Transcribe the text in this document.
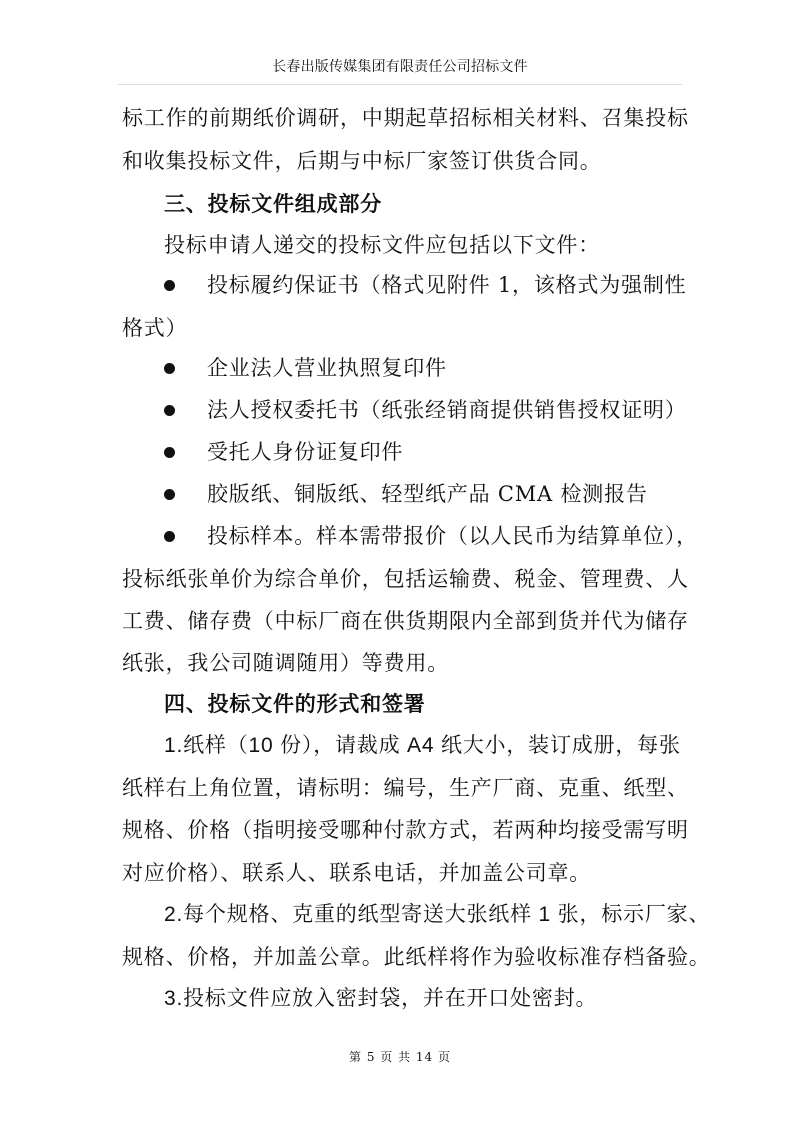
长春出版传媒集团有限责任公司招标文件
标工作的前期纸价调研，中期起草招标相关材料、召集投标
和收集投标文件，后期与中标厂家签订供货合同。
三、投标文件组成部分
投标申请人递交的投标文件应包括以下文件：
投标履约保证书（格式见附件 1，该格式为强制性
格式）
企业法人营业执照复印件
法人授权委托书（纸张经销商提供销售授权证明）
受托人身份证复印件
胶版纸、铜版纸、轻型纸产品 CMA 检测报告
投标样本。样本需带报价（以人民币为结算单位），
投标纸张单价为综合单价，包括运输费、税金、管理费、人
工费、储存费（中标厂商在供货期限内全部到货并代为储存
纸张，我公司随调随用）等费用。
四、投标文件的形式和签署
1.纸样（10 份），请裁成 A4 纸大小，装订成册，每张
纸样右上角位置，请标明：编号，生产厂商、克重、纸型、
规格、价格（指明接受哪种付款方式，若两种均接受需写明
对应价格）、联系人、联系电话，并加盖公司章。
2.每个规格、克重的纸型寄送大张纸样 1 张，标示厂家、
规格、价格，并加盖公章。此纸样将作为验收标准存档备验。
3.投标文件应放入密封袋，并在开口处密封。
第 5 页 共 14 页
